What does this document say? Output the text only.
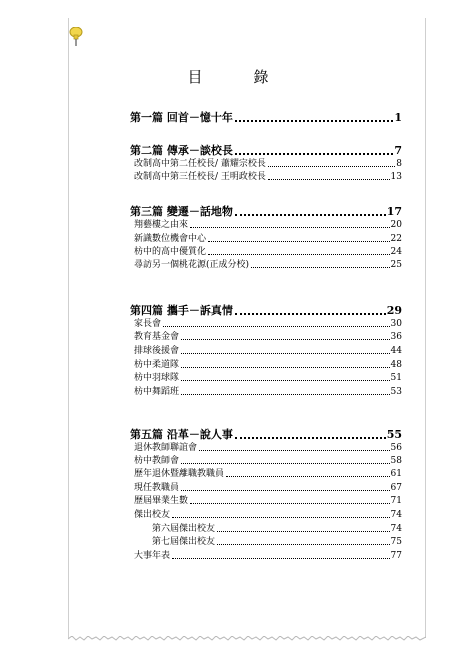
目　錄
第一篇 回首－憶十年	1
第二篇 傳承－談校長	7
改制高中第二任校長/ 蕭耀宗校長	8
改制高中第三任校長/ 王明政校長	13
第三篇 變遷－話地物	17
翔藝樓之由來	20
新識數位機會中心	22
枋中的高中優質化	24
尋訪另一個桃花源(正成分校)	25
第四篇 攜手－訴真情	29
家長會	30
教育基金會	36
排球後援會	44
枋中柔道隊	48
枋中羽球隊	51
枋中舞蹈班	53
第五篇 沿革－說人事	55
退休教師聯誼會	56
枋中教師會	58
歷年退休暨離職教職員	61
現任教職員	67
歷屆畢業生數	71
傑出校友	74
第六屆傑出校友	74
第七屆傑出校友	75
大事年表	77
